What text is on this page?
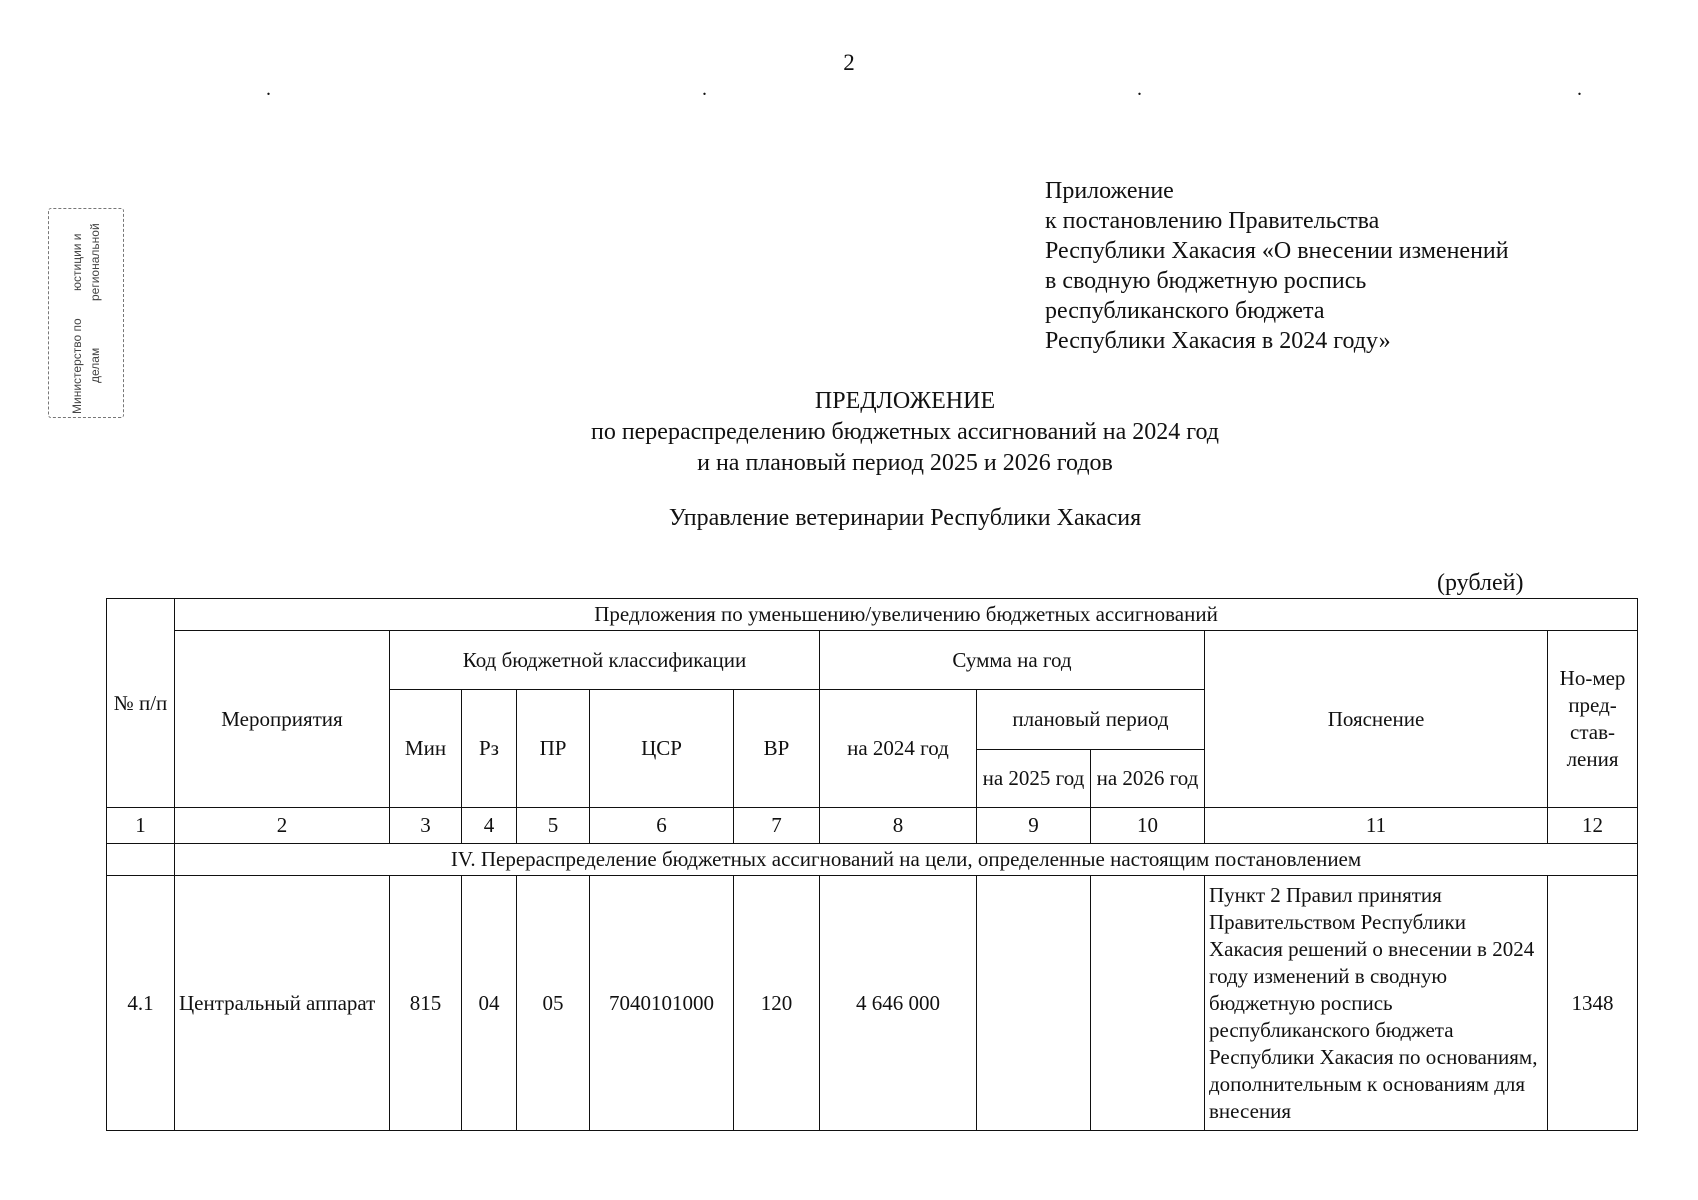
2
.	.	.	.
Министерство по делам
юстиции и региональной
Приложение
к постановлению Правительства
Республики Хакасия «О внесении изменений
в сводную бюджетную роспись
республиканского бюджета
Республики Хакасия в 2024 году»
ПРЕДЛОЖЕНИЕ
по перераспределению бюджетных ассигнований на 2024 год
и на плановый период 2025 и 2026 годов
Управление ветеринарии Республики Хакасия
(рублей)
№ п/п	Предложения по уменьшению/увеличению бюджетных ассигнований										
	Мероприятия	Код бюджетной классификации					Сумма на год			Пояснение	Но-мер пред-став-ления
		Мин	Рз	ПР	ЦСР	ВР	на 2024 год	плановый период			

								на 2025 год	на 2026 год		
1	2	3	4	5	6	7	8	9	10	11	12
	IV. Перераспределение бюджетных ассигнований на цели, определенные настоящим постановлением										
4.1	Центральный аппарат	815	04	05	7040101000	120	4 646 000			Пункт 2 Правил принятия Правительством Республики Хакасия решений о внесении в 2024 году изменений в сводную бюджетную роспись республиканского бюджета Республики Хакасия по основаниям, дополнительным к основаниям для внесения	1348
